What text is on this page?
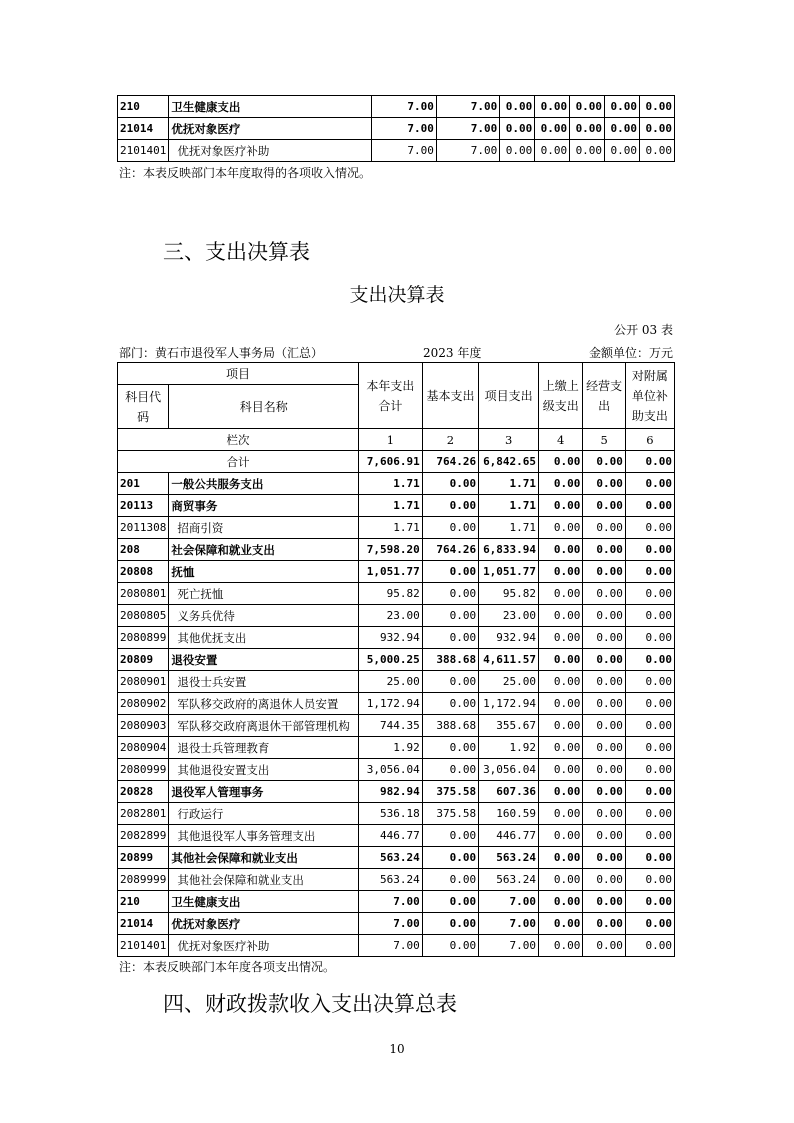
210	卫生健康支出	7.00	7.00	0.00	0.00	0.00	0.00	0.00
21014	优抚对象医疗	7.00	7.00	0.00	0.00	0.00	0.00	0.00
2101401	优抚对象医疗补助	7.00	7.00	0.00	0.00	0.00	0.00	0.00
注：本表反映部门本年度取得的各项收入情况。
三、支出决算表
支出决算表
公开 03 表
部门：黄石市退役军人事务局（汇总）	2023 年度	金额单位：万元
项目		本年支出合计	基本支出	项目支出	上缴上级支出	经营支出	对附属单位补助支出
科目代码	科目名称						
栏次		1	2	3	4	5	6
合计		7,606.91	764.26	6,842.65	0.00	0.00	0.00
201	一般公共服务支出	1.71	0.00	1.71	0.00	0.00	0.00
20113	商贸事务	1.71	0.00	1.71	0.00	0.00	0.00
2011308	招商引资	1.71	0.00	1.71	0.00	0.00	0.00
208	社会保障和就业支出	7,598.20	764.26	6,833.94	0.00	0.00	0.00
20808	抚恤	1,051.77	0.00	1,051.77	0.00	0.00	0.00
2080801	死亡抚恤	95.82	0.00	95.82	0.00	0.00	0.00
2080805	义务兵优待	23.00	0.00	23.00	0.00	0.00	0.00
2080899	其他优抚支出	932.94	0.00	932.94	0.00	0.00	0.00
20809	退役安置	5,000.25	388.68	4,611.57	0.00	0.00	0.00
2080901	退役士兵安置	25.00	0.00	25.00	0.00	0.00	0.00
2080902	军队移交政府的离退休人员安置	1,172.94	0.00	1,172.94	0.00	0.00	0.00
2080903	军队移交政府离退休干部管理机构	744.35	388.68	355.67	0.00	0.00	0.00
2080904	退役士兵管理教育	1.92	0.00	1.92	0.00	0.00	0.00
2080999	其他退役安置支出	3,056.04	0.00	3,056.04	0.00	0.00	0.00
20828	退役军人管理事务	982.94	375.58	607.36	0.00	0.00	0.00
2082801	行政运行	536.18	375.58	160.59	0.00	0.00	0.00
2082899	其他退役军人事务管理支出	446.77	0.00	446.77	0.00	0.00	0.00
20899	其他社会保障和就业支出	563.24	0.00	563.24	0.00	0.00	0.00
2089999	其他社会保障和就业支出	563.24	0.00	563.24	0.00	0.00	0.00
210	卫生健康支出	7.00	0.00	7.00	0.00	0.00	0.00
21014	优抚对象医疗	7.00	0.00	7.00	0.00	0.00	0.00
2101401	优抚对象医疗补助	7.00	0.00	7.00	0.00	0.00	0.00
注：本表反映部门本年度各项支出情况。
四、财政拨款收入支出决算总表
10
